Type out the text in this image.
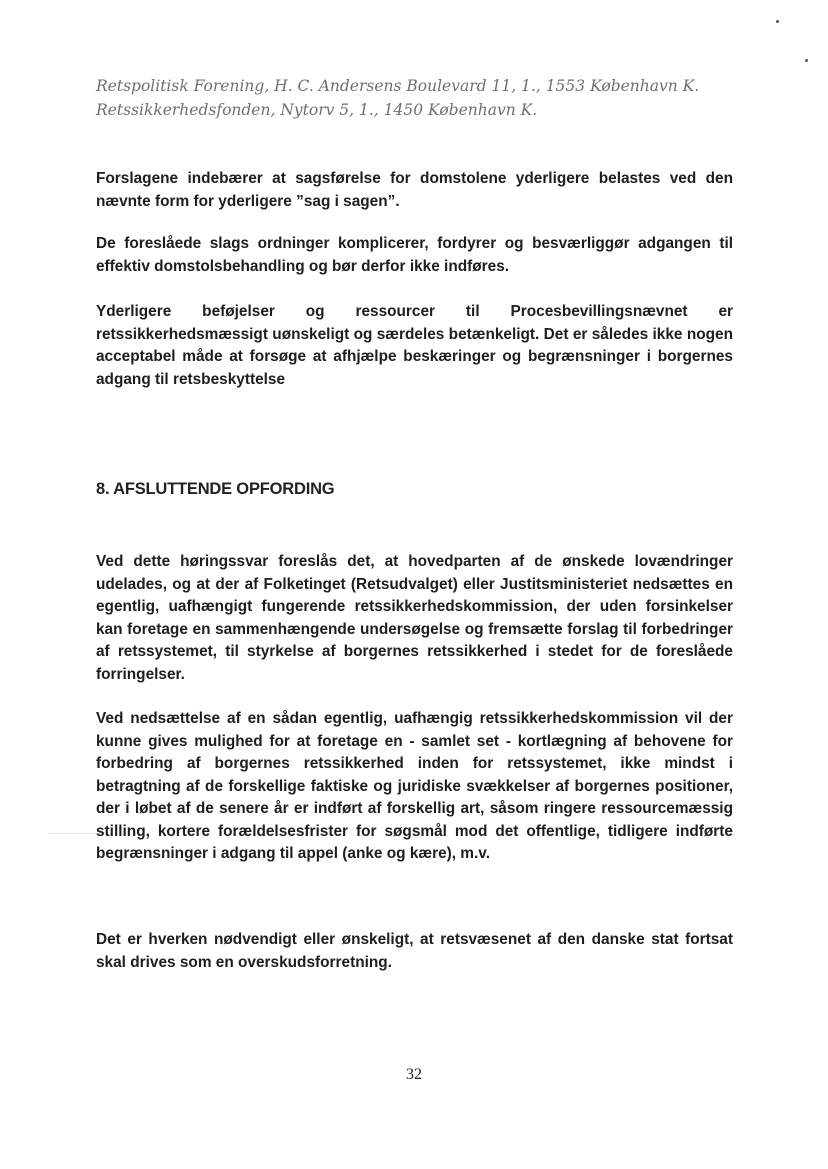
Retspolitisk Forening, H. C. Andersens Boulevard 11, 1., 1553 København K.
Retssikkerhedsfonden, Nytorv 5, 1., 1450 København K.

Forslagene indebærer at sagsførelse for domstolene yderligere belastes ved den nævnte form for yderligere ”sag i sagen”.

De foreslåede slags ordninger komplicerer, fordyrer og besværliggør adgangen til effektiv domstolsbehandling og bør derfor ikke indføres.

Yderligere beføjelser og ressourcer til Procesbevillingsnævnet er retssikkerhedsmæssigt uønskeligt og særdeles betænkeligt. Det er således ikke nogen acceptabel måde at forsøge at afhjælpe beskæringer og begrænsninger i borgernes adgang til retsbeskyttelse

8. AFSLUTTENDE OPFORDING

Ved dette høringssvar foreslås det, at hovedparten af de ønskede lovændringer udelades, og at der af Folketinget (Retsudvalget) eller Justitsministeriet nedsættes en egentlig, uafhængigt fungerende retssikkerhedskommission, der uden forsinkelser kan foretage en sammenhængende undersøgelse og fremsætte forslag til forbedringer af retssystemet, til styrkelse af borgernes retssikkerhed i stedet for de foreslåede forringelser.

Ved nedsættelse af en sådan egentlig, uafhængig retssikkerhedskommission vil der kunne gives mulighed for at foretage en - samlet set - kortlægning af behovene for forbedring af borgernes retssikkerhed inden for retssystemet, ikke mindst i betragtning af de forskellige faktiske og juridiske svækkelser af borgernes positioner, der i løbet af de senere år er indført af forskellig art, såsom ringere ressourcemæssig stilling, kortere forældelsesfrister for søgsmål mod det offentlige, tidligere indførte begrænsninger i adgang til appel (anke og kære), m.v.

Det er hverken nødvendigt eller ønskeligt, at retsvæsenet af den danske stat fortsat skal drives som en overskudsforretning.

32
